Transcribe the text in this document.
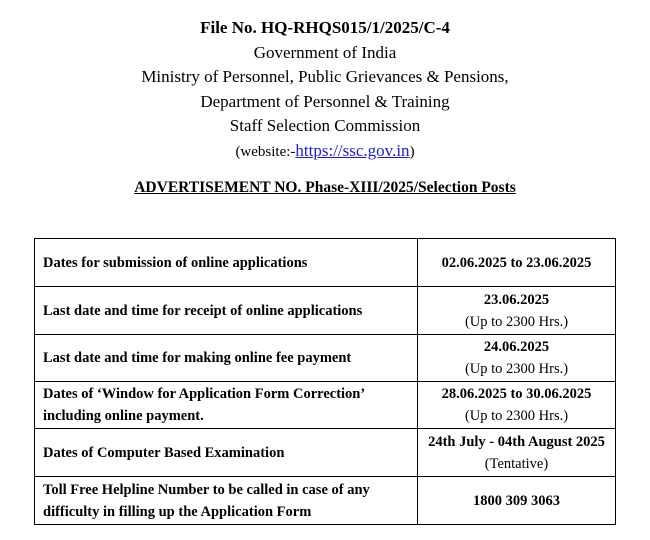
File No. HQ-RHQS015/1/2025/C-4
Government of India
Ministry of Personnel, Public Grievances & Pensions,
Department of Personnel & Training
Staff Selection Commission
(website:-https://ssc.gov.in)
ADVERTISEMENT NO. Phase-XIII/2025/Selection Posts
Dates for submission of online applications	02.06.2025 to 23.06.2025
Last date and time for receipt of online applications	23.06.2025
(Up to 2300 Hrs.)

Last date and time for making online fee payment	24.06.2025
(Up to 2300 Hrs.)

Dates of ‘Window for Application Form Correction’ including online payment.	28.06.2025 to 30.06.2025
(Up to 2300 Hrs.)

Dates of Computer Based Examination	24th July - 04th August 2025
(Tentative)

Toll Free Helpline Number to be called in case of any difficulty in filling up the Application Form	1800 309 3063
